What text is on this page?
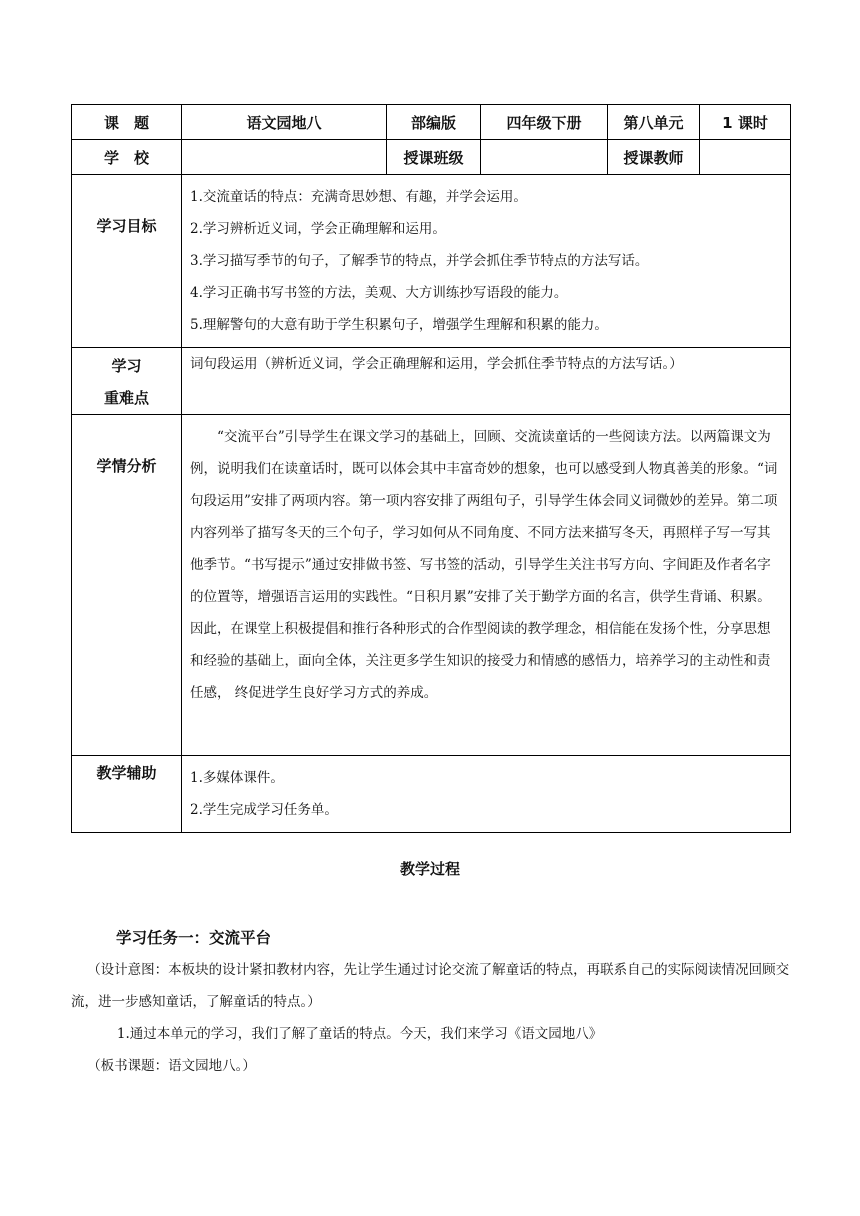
课　题	语文园地八	部编版	四年级下册	第八单元	1 课时
学　校		授课班级		授课教师	
学习目标	1.交流童话的特点：充满奇思妙想、有趣，并学会运用。

2.学习辨析近义词，学会正确理解和运用。

3.学习描写季节的句子，了解季节的特点，并学会抓住季节特点的方法写话。

4.学习正确书写书签的方法，美观、大方训练抄写语段的能力。

5.理解警句的大意有助于学生积累句子，增强学生理解和积累的能力。				

学习
重难点	词句段运用（辨析近义词，学会正确理解和运用，学会抓住季节特点的方法写话。）				

学情分析	“交流平台”引导学生在课文学习的基础上，回顾、交流读童话的一些阅读方法。以两篇课文为例，说明我们在读童话时，既可以体会其中丰富奇妙的想象，也可以感受到人物真善美的形象。“词句段运用”安排了两项内容。第一项内容安排了两组句子，引导学生体会同义词微妙的差异。第二项内容列举了描写冬天的三个句子，学习如何从不同角度、不同方法来描写冬天，再照样子写一写其他季节。“书写提示”通过安排做书签、写书签的活动，引导学生关注书写方向、字间距及作者名字的位置等，增强语言运用的实践性。“日积月累”安排了关于勤学方面的名言，供学生背诵、积累。因此，在课堂上积极提倡和推行各种形式的合作型阅读的教学理念，相信能在发扬个性，分享思想和经验的基础上，面向全体，关注更多学生知识的接受力和情感的感悟力，培养学习的主动性和责任感， 终促进学生良好学习方式的养成。				

教学辅助	1.多媒体课件。

2.学生完成学习任务单。				

教学过程
学习任务一：交流平台

（设计意图：本板块的设计紧扣教材内容，先让学生通过讨论交流了解童话的特点，再联系自己的实际阅读情况回顾交流，进一步感知童话，了解童话的特点。）

1.通过本单元的学习，我们了解了童话的特点。今天，我们来学习《语文园地八》

（板书课题：语文园地八。）
